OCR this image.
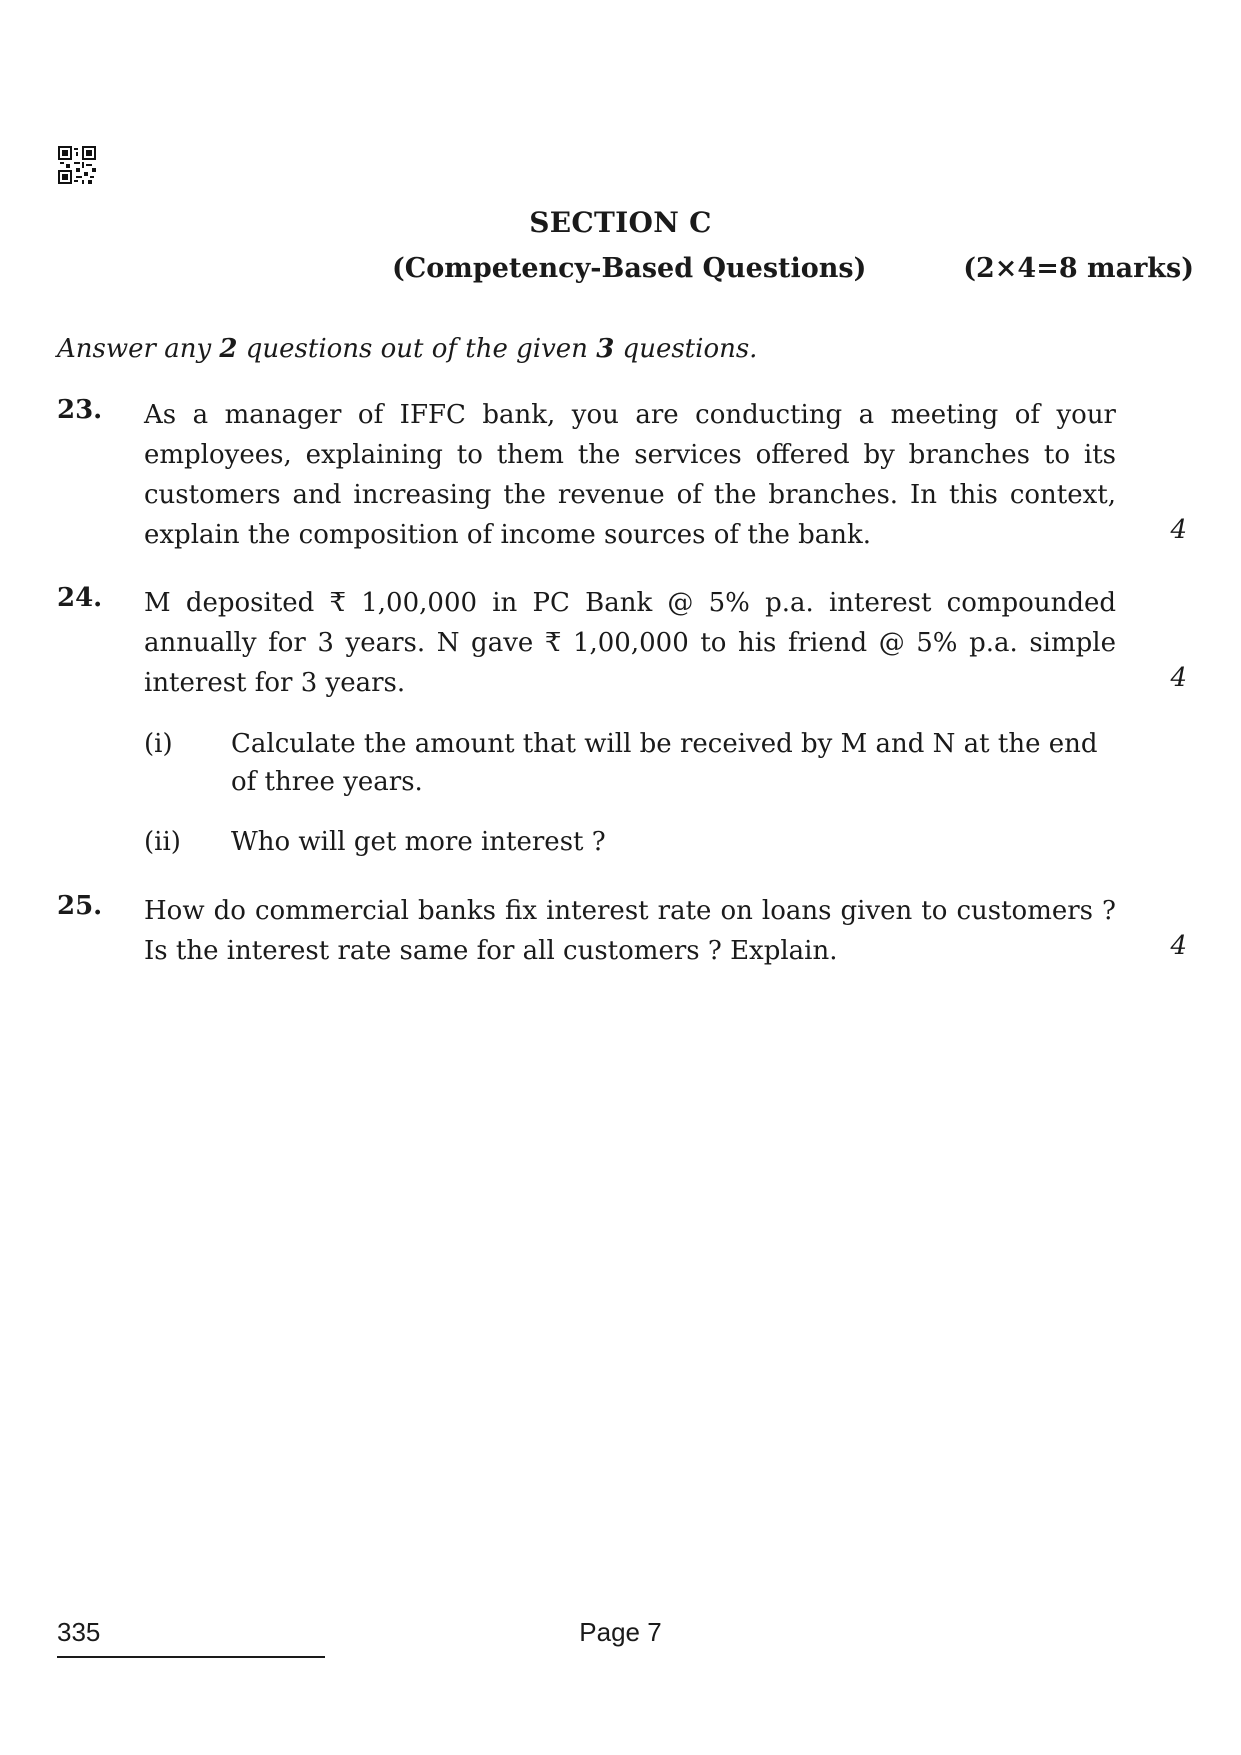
SECTION C
(Competency-Based Questions)	(2×4=8 marks)
Answer any 2 questions out of the given 3 questions.
23. As a manager of IFFC bank, you are conducting a meeting of your employees, explaining to them the services offered by branches to its customers and increasing the revenue of the branches. In this context, explain the composition of income sources of the bank.	4
24. M deposited ₹ 1,00,000 in PC Bank @ 5% p.a. interest compounded annually for 3 years. N gave ₹ 1,00,000 to his friend @ 5% p.a. simple interest for 3 years.	4
(i) Calculate the amount that will be received by M and N at the end of three years.
(ii) Who will get more interest ?
25. How do commercial banks fix interest rate on loans given to customers ? Is the interest rate same for all customers ? Explain.	4
335	Page 7
